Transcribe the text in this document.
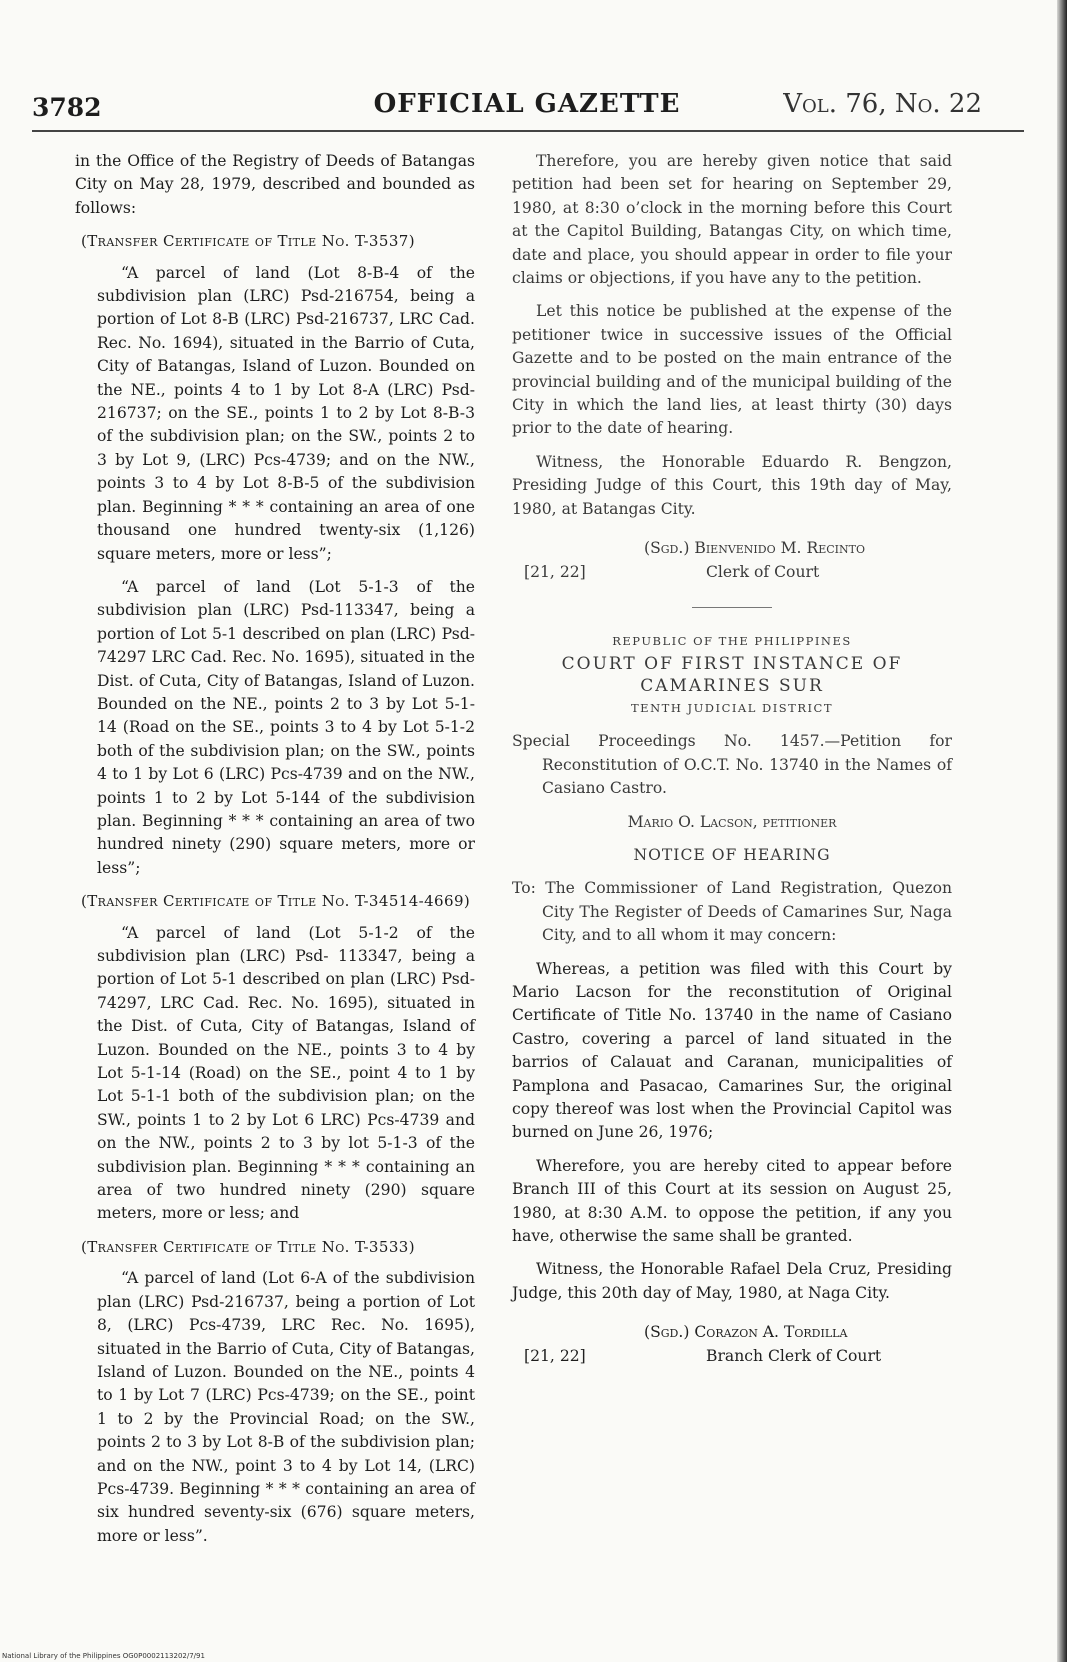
3782	OFFICIAL GAZETTE	Vol. 76, No. 22

in the Office of the Registry of Deeds of Batangas City on May 28, 1979, described and bounded as follows:

(Transfer Certificate of Title No. T-3537)

“A parcel of land (Lot 8-B-4 of the subdivision plan (LRC) Psd-216754, being a portion of Lot 8-B (LRC) Psd-216737, LRC Cad. Rec. No. 1694), situated in the Barrio of Cuta, City of Batangas, Island of Luzon. Bounded on the NE., points 4 to 1 by Lot 8-A (LRC) Psd-216737; on the SE., points 1 to 2 by Lot 8-B-3 of the subdivision plan; on the SW., points 2 to 3 by Lot 9, (LRC) Pcs-4739; and on the NW., points 3 to 4 by Lot 8-B-5 of the subdivision plan. Beginning * * * containing an area of one thousand one hundred twenty-six (1,126) square meters, more or less”;

“A parcel of land (Lot 5-1-3 of the subdivision plan (LRC) Psd-113347, being a portion of Lot 5-1 described on plan (LRC) Psd-74297 LRC Cad. Rec. No. 1695), situated in the Dist. of Cuta, City of Batangas, Island of Luzon. Bounded on the NE., points 2 to 3 by Lot 5-1-14 (Road on the SE., points 3 to 4 by Lot 5-1-2 both of the subdivision plan; on the SW., points 4 to 1 by Lot 6 (LRC) Pcs-4739 and on the NW., points 1 to 2 by Lot 5-144 of the subdivision plan. Beginning * * * containing an area of two hundred ninety (290) square meters, more or less”;

(Transfer Certificate of Title No. T-34514-4669)

“A parcel of land (Lot 5-1-2 of the subdivision plan (LRC) Psd- 113347, being a portion of Lot 5-1 described on plan (LRC) Psd-74297, LRC Cad. Rec. No. 1695), situated in the Dist. of Cuta, City of Batangas, Island of Luzon. Bounded on the NE., points 3 to 4 by Lot 5-1-14 (Road) on the SE., point 4 to 1 by Lot 5-1-1 both of the subdivision plan; on the SW., points 1 to 2 by Lot 6 LRC) Pcs-4739 and on the NW., points 2 to 3 by lot 5-1-3 of the subdivision plan. Beginning * * * containing an area of two hundred ninety (290) square meters, more or less; and

(Transfer Certificate of Title No. T-3533)

“A parcel of land (Lot 6-A of the subdivision plan (LRC) Psd-216737, being a portion of Lot 8, (LRC) Pcs-4739, LRC Rec. No. 1695), situated in the Barrio of Cuta, City of Batangas, Island of Luzon. Bounded on the NE., points 4 to 1 by Lot 7 (LRC) Pcs-4739; on the SE., point 1 to 2 by the Provincial Road; on the SW., points 2 to 3 by Lot 8-B of the subdivision plan; and on the NW., point 3 to 4 by Lot 14, (LRC) Pcs-4739. Beginning * * * containing an area of six hundred seventy-six (676) square meters, more or less”.

Therefore, you are hereby given notice that said petition had been set for hearing on September 29, 1980, at 8:30 o’clock in the morning before this Court at the Capitol Building, Batangas City, on which time, date and place, you should appear in order to file your claims or objections, if you have any to the petition.

Let this notice be published at the expense of the petitioner twice in successive issues of the Official Gazette and to be posted on the main entrance of the provincial building and of the municipal building of the City in which the land lies, at least thirty (30) days prior to the date of hearing.

Witness, the Honorable Eduardo R. Bengzon, Presiding Judge of this Court, this 19th day of May, 1980, at Batangas City.

[21, 22]
(Sgd.) Bienvenido M. Recinto
Clerk of Court

REPUBLIC OF THE PHILIPPINES

COURT OF FIRST INSTANCE OF CAMARINES SUR

TENTH JUDICIAL DISTRICT

Special Proceedings No. 1457.—Petition for Reconstitution of O.C.T. No. 13740 in the Names of Casiano Castro.

Mario O. Lacson, petitioner

NOTICE OF HEARING

To: The Commissioner of Land Registration, Quezon City The Register of Deeds of Camarines Sur, Naga City, and to all whom it may concern:

Whereas, a petition was filed with this Court by Mario Lacson for the reconstitution of Original Certificate of Title No. 13740 in the name of Casiano Castro, covering a parcel of land situated in the barrios of Calauat and Caranan, municipalities of Pamplona and Pasacao, Camarines Sur, the original copy thereof was lost when the Provincial Capitol was burned on June 26, 1976;

Wherefore, you are hereby cited to appear before Branch III of this Court at its session on August 25, 1980, at 8:30 A.M. to oppose the petition, if any you have, otherwise the same shall be granted.

Witness, the Honorable Rafael Dela Cruz, Presiding Judge, this 20th day of May, 1980, at Naga City.

[21, 22]
(Sgd.) Corazon A. Tordilla
Branch Clerk of Court
National Library of the Philippines OG0P0002113202/7/91
